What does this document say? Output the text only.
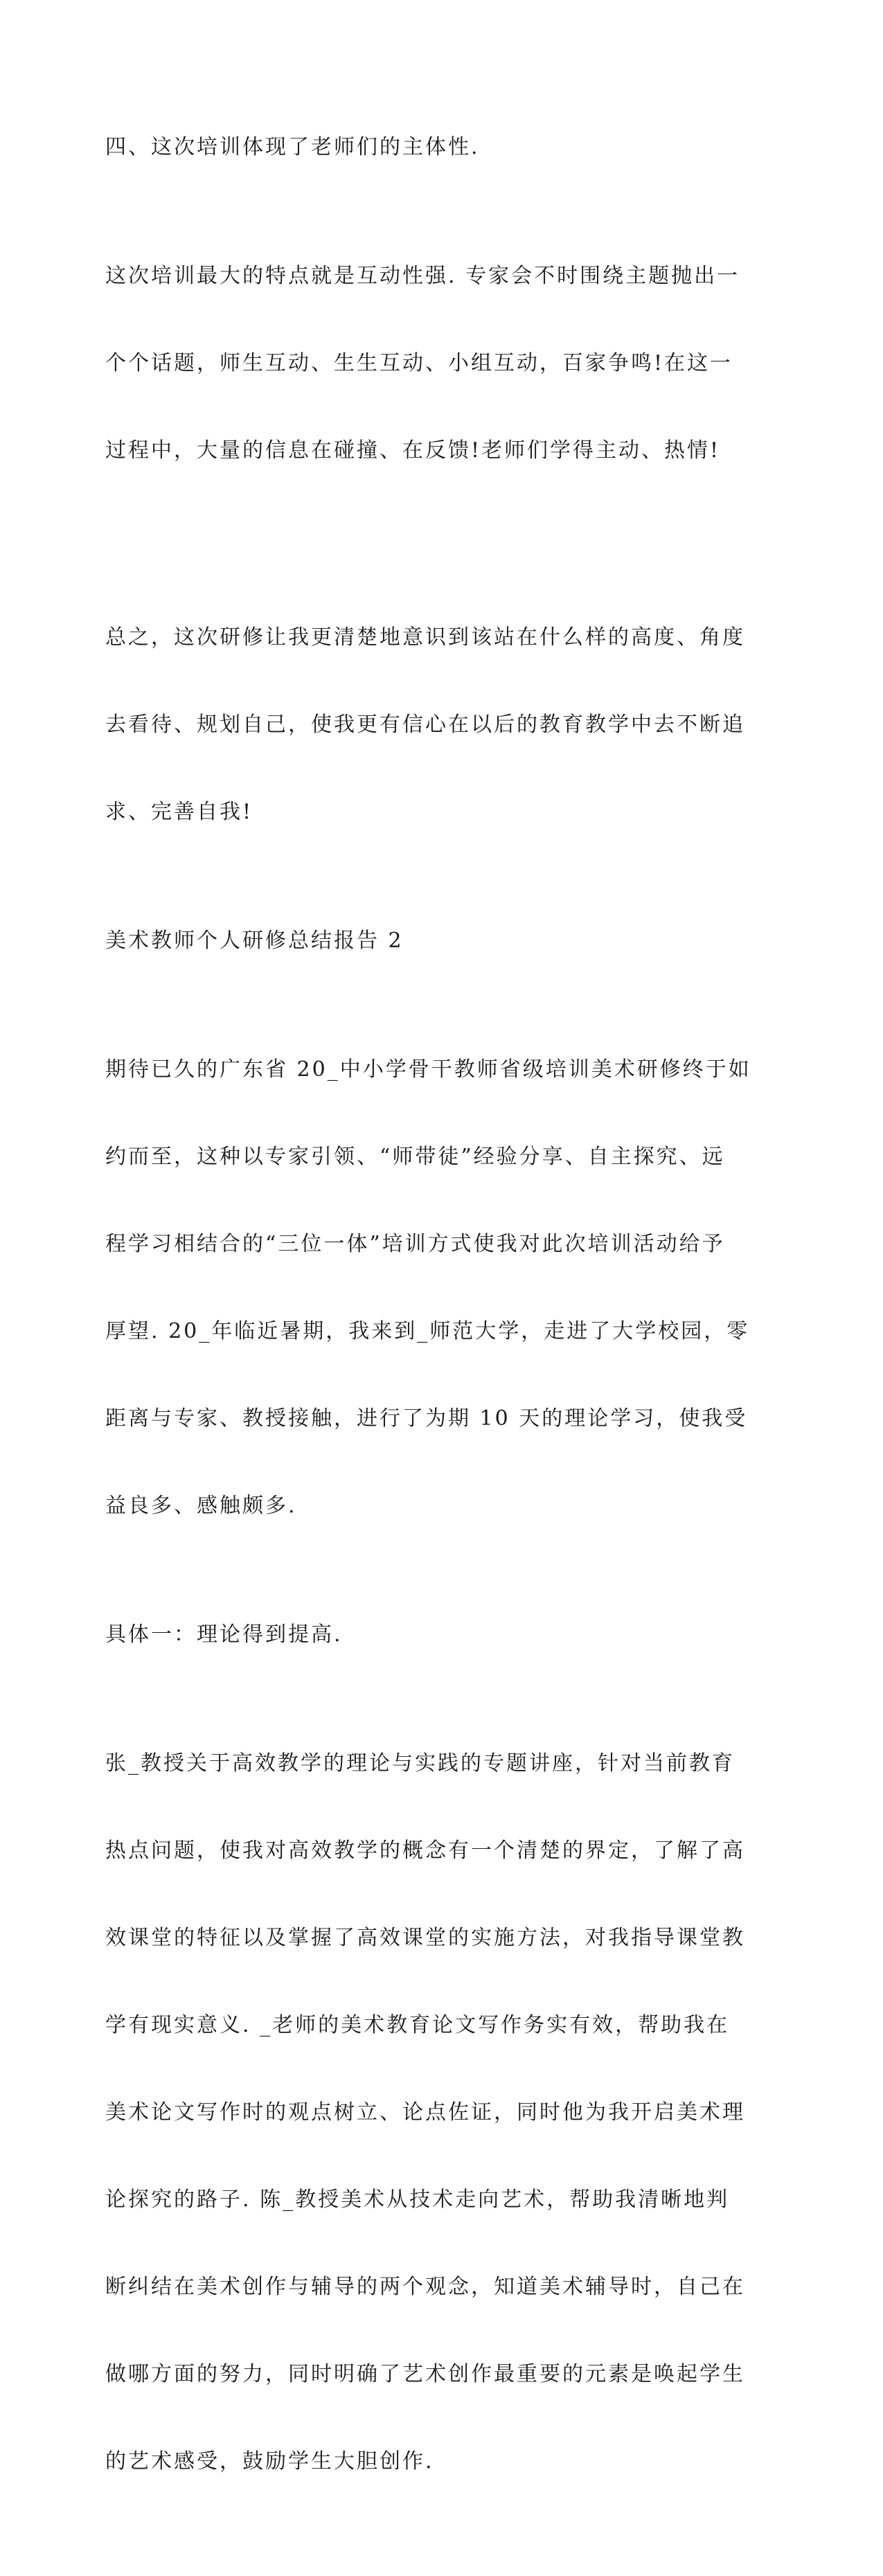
四、这次培训体现了老师们的主体性.

这次培训最大的特点就是互动性强. 专家会不时围绕主题抛出一

个个话题，师生互动、生生互动、小组互动，百家争鸣!在这一

过程中，大量的信息在碰撞、在反馈!老师们学得主动、热情!

总之，这次研修让我更清楚地意识到该站在什么样的高度、角度

去看待、规划自己，使我更有信心在以后的教育教学中去不断追

求、完善自我!

美术教师个人研修总结报告 2

期待已久的广东省 20_中小学骨干教师省级培训美术研修终于如

约而至，这种以专家引领、“师带徒”经验分享、自主探究、远

程学习相结合的“三位一体”培训方式使我对此次培训活动给予

厚望. 20_年临近暑期，我来到_师范大学，走进了大学校园，零

距离与专家、教授接触，进行了为期 10 天的理论学习，使我受

益良多、感触颇多.

具体一：理论得到提高.

张_教授关于高效教学的理论与实践的专题讲座，针对当前教育

热点问题，使我对高效教学的概念有一个清楚的界定，了解了高

效课堂的特征以及掌握了高效课堂的实施方法，对我指导课堂教

学有现实意义. _老师的美术教育论文写作务实有效，帮助我在

美术论文写作时的观点树立、论点佐证，同时他为我开启美术理

论探究的路子. 陈_教授美术从技术走向艺术，帮助我清晰地判

断纠结在美术创作与辅导的两个观念，知道美术辅导时，自己在

做哪方面的努力，同时明确了艺术创作最重要的元素是唤起学生

的艺术感受，鼓励学生大胆创作.
